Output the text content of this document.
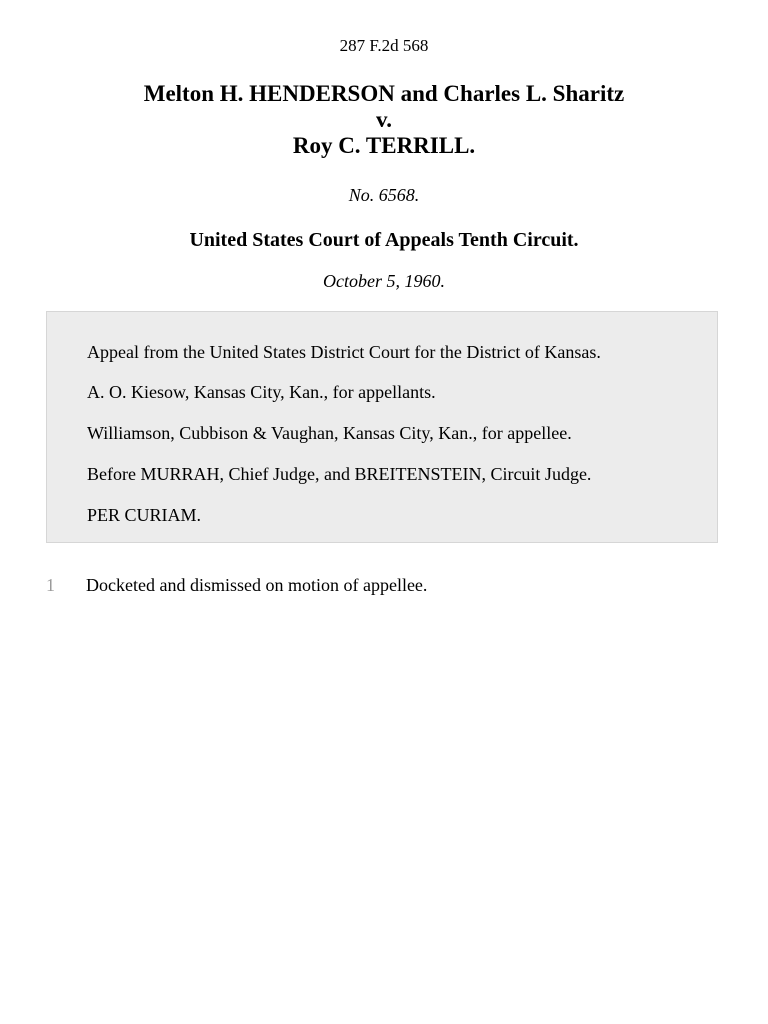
287 F.2d 568
Melton H. HENDERSON and Charles L. Sharitz
v.
Roy C. TERRILL.
No. 6568.
United States Court of Appeals Tenth Circuit.
October 5, 1960.
Appeal from the United States District Court for the District of Kansas.
A. O. Kiesow, Kansas City, Kan., for appellants.
Williamson, Cubbison & Vaughan, Kansas City, Kan., for appellee.
Before MURRAH, Chief Judge, and BREITENSTEIN, Circuit Judge.
PER CURIAM.
1 Docketed and dismissed on motion of appellee.
